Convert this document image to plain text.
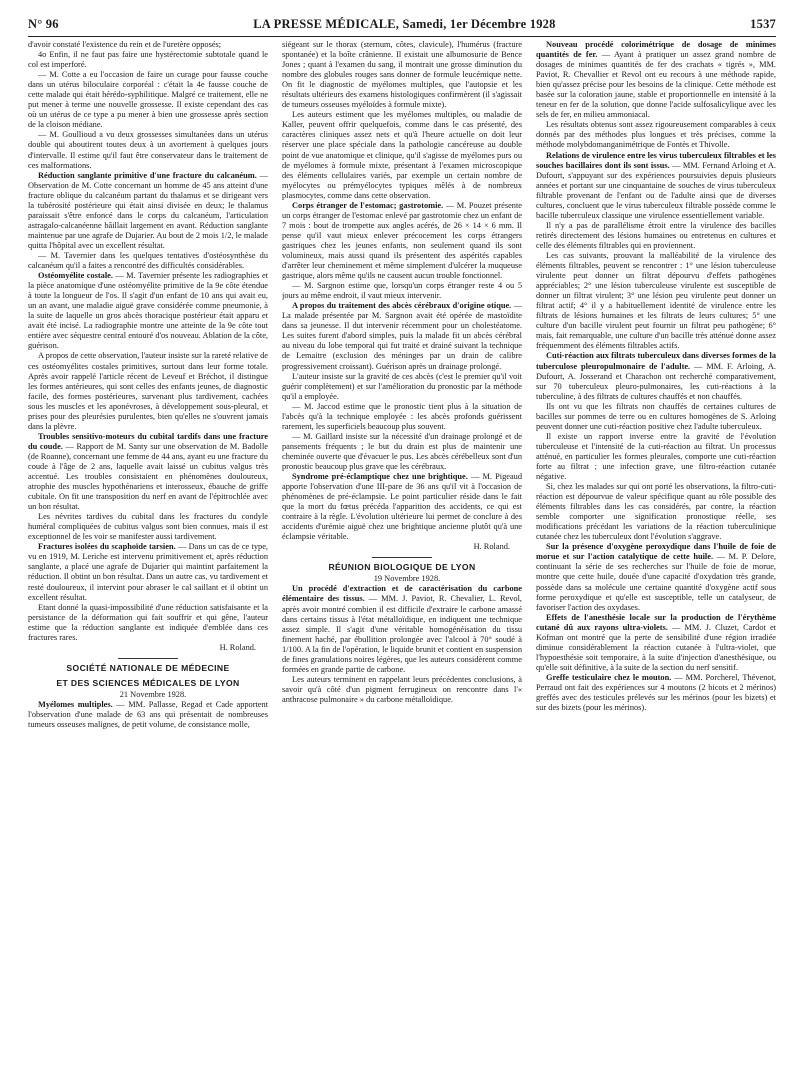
N° 96	LA PRESSE MÉDICALE, Samedi, 1er Décembre 1928	1537

d'avoir constaté l'existence du rein et de l'uretère opposés;

4o Enfin, il ne faut pas faire une hystérectomie subtotale quand le col est imperforé.

— M. Cotte a eu l'occasion de faire un curage pour fausse couche dans un utérus biloculaire corporéal : c'était la 4e fausse couche de cette malade qui était hérédo-syphilitique. Malgré ce traitement, elle ne put mener à terme une nouvelle grossesse. Il existe cependant des cas où un utérus de ce type a pu mener à bien une grossesse après section de la cloison médiane.

— M. Goullioud a vu deux grossesses simultanées dans un utérus double qui aboutirent toutes deux à un avortement à quelques jours d'intervalle. Il estime qu'il faut être conservateur dans le traitement de ces malformations.

Réduction sanglante primitive d'une fracture du calcanéum. — Observation de M. Cotte concernant un homme de 45 ans atteint d'une fracture oblique du calcanéum partant du thalamus et se dirigeant vers la tubérosité postérieure qui était ainsi divisée en deux; le thalamus paraissait s'être enfoncé dans le corps du calcanéum, l'articulation astragalo-calcanéenne bâillait largement en avant. Réduction sanglante maintenue par une agrafe de Dujarier. Au bout de 2 mois 1/2, le malade quitta l'hôpital avec un excellent résultat.

— M. Tavernier dans les quelques tentatives d'ostéosynthèse du calcanéum qu'il a faites a rencontré des difficultés considérables.

Ostéomyélite costale. — M. Tavernier présente les radiographies et la pièce anatomique d'une ostéomyélite primitive de la 9e côte étendue à toute la longueur de l'os. Il s'agit d'un enfant de 10 ans qui avait eu, un an avant, une maladie aiguë grave considérée comme pneumonie, à la suite de laquelle un gros abcès thoracique postérieur était apparu et avait été incisé. La radiographie montre une atteinte de la 9e côte tout entière avec séquestre central entouré d'os nouveau. Ablation de la côte, guérison.

A propos de cette observation, l'auteur insiste sur la rareté relative de ces ostéomyélites costales primitives, surtout dans leur forme totale. Après avoir rappelé l'article récent de Leveuf et Bréchot, il distingue les formes antérieures, qui sont celles des enfants jeunes, de diagnostic facile, des formes postérieures, survenant plus tardivement, cachées sous les muscles et les aponévroses, à développement sous-pleural, et prises pour des pleurésies purulentes, bien qu'elles ne s'ouvrent jamais dans la plèvre.

Troubles sensitivo-moteurs du cubital tardifs dans une fracture du coude. — Rapport de M. Santy sur une observation de M. Badolle (de Roanne), concernant une femme de 44 ans, ayant eu une fracture du coude à l'âge de 2 ans, laquelle avait laissé un cubitus valgus très accentué. Les troubles consistaient en phénomènes douloureux, atrophie des muscles hypothénariens et interosseux, ébauche de griffe cubitale. On fit une transposition du nerf en avant de l'épitrochlée avec un bon résultat.

Les névrites tardives du cubital dans les fractures du condyle huméral compliquées de cubitus valgus sont bien connues, mais il est exceptionnel de les voir se manifester aussi tardivement.

Fractures isolées du scaphoïde tarsien. — Dans un cas de ce type, vu en 1919, M. Leriche est intervenu primitivement et, après réduction sanglante, a placé une agrafe de Dujarier qui maintint parfaitement la réduction. Il obtint un bon résultat. Dans un autre cas, vu tardivement et resté douloureux, il intervint pour abraser le cal saillant et il obtint un excellent résultat.

Etant donné la quasi-impossibilité d'une réduction satisfaisante et la persistance de la déformation qui fait souffrir et qui gêne, l'auteur estime que la réduction sanglante est indiquée d'emblée dans ces fractures rares.

H. Roland.

SOCIÉTÉ NATIONALE DE MÉDECINE
ET DES SCIENCES MÉDICALES DE LYON

21 Novembre 1928.

Myélomes multiples. — MM. Pallasse, Regad et Cade apportent l'observation d'une malade de 63 ans qui présentait de nombreuses tumeurs osseuses malignes, de petit volume, de consistance molle,

siégeant sur le thorax (sternum, côtes, clavicule), l'humérus (fracture spontanée) et la boîte crânienne. Il existait une albumosurie de Bence Jones ; quant à l'examen du sang, il montrait une grosse diminution du nombre des globules rouges sans donner de formule leucémique nette. On fit le diagnostic de myélomes multiples, que l'autopsie et les résultats ultérieurs des examens histologiques confirmèrent (il s'agissait de tumeurs osseuses myéloïdes à formule mixte).

Les auteurs estiment que les myélomes multiples, ou maladie de Kaller, peuvent offrir quelquefois, comme dans le cas présenté, des caractères cliniques assez nets et qu'à l'heure actuelle on doit leur réserver une place spéciale dans la pathologie cancéreuse au double point de vue anatomique et clinique, qu'il s'agisse de myélomes purs ou de myélomes à formule mixte, présentant à l'examen microscopique des éléments cellulaires variés, par exemple un certain nombre de myélocytes ou prémyélocytes typiques mêlés à de nombreux plasmocytes, comme dans cette observation.

Corps étranger de l'estomac; gastrotomie. — M. Pouzet présente un corps étranger de l'estomac enlevé par gastrotomie chez un enfant de 7 mois : bout de trompette aux angles acérés, de 26 × 14 × 6 mm. Il pense qu'il vaut mieux enlever précocement les corps étrangers gastriques chez les jeunes enfants, non seulement quand ils sont volumineux, mais aussi quand ils présentent des aspérités capables d'arrêter leur cheminement et même simplement d'ulcérer la muqueuse gastrique, alors même qu'ils ne causent aucun trouble fonctionnel.

— M. Sargnon estime que, lorsqu'un corps étranger reste 4 ou 5 jours au même endroit, il vaut mieux intervenir.

A propos du traitement des abcès cérébraux d'origine otique. — La malade présentée par M. Sargnon avait été opérée de mastoïdite dans sa jeunesse. Il dut intervenir récemment pour un cholestéatome. Les suites furent d'abord simples, puis la malade fit un abcès cérébral au niveau du lobe temporal qui fut traité et drainé suivant la technique de Lemaitre (exclusion des méninges par un drain de calibre progressivement croissant). Guérison après un drainage prolongé.

L'auteur insiste sur la gravité de ces abcès (c'est le premier qu'il voit guérir complètement) et sur l'amélioration du pronostic par la méthode qu'il a employée.

— M. Jaccod estime que le pronostic tient plus à la situation de l'abcès qu'à la technique employée : les abcès profonds guérissent rarement, les superficiels beaucoup plus souvent.

— M. Gaillard insiste sur la nécessité d'un drainage prolongé et de pansements fréquents ; le but du drain est plus de maintenir une cheminée ouverte que d'évacuer le pus. Les abcès cérébelleux sont d'un pronostic beaucoup plus grave que les cérébraux.

Syndrome pré-éclamptique chez une brightique. — M. Pigeaud apporte l'observation d'une III-pare de 36 ans qu'il vit à l'occasion de phénomènes de pré-éclampsie. Le point particulier réside dans le fait que la mort du fœtus précéda l'apparition des accidents, ce qui est contraire à la règle. L'évolution ultérieure lui permet de conclure à des accidents d'urémie aiguë chez une brightique ancienne plutôt qu'à une éclampsie véritable.

H. Roland.

RÉUNION BIOLOGIQUE DE LYON

19 Novembre 1928.

Un procédé d'extraction et de caractérisation du carbone élémentaire des tissus. — MM. J. Paviot, R. Chevalier, L. Revol, après avoir montré combien il est difficile d'extraire le carbone amassé dans certains tissus à l'état métalloïdique, en indiquent une technique assez simple. Il s'agit d'une véritable homogénéisation du tissu finement haché, par ébullition prolongée avec l'alcool à 70° soudé à 1/100. A la fin de l'opération, le liquide brunit et contient en suspension de fines granulations noires légères, que les auteurs considèrent comme formées en grande partie de carbone.

Les auteurs terminent en rappelant leurs précédentes conclusions, à savoir qu'à côté d'un pigment ferrugineux on rencontre dans l'« anthracose pulmonaire » du carbone métalloïdique.

Nouveau procédé colorimétrique de dosage de minimes quantités de fer. — Ayant à pratiquer un assez grand nombre de dosages de minimes quantités de fer des crachats « tigrés », MM. Paviot, R. Chevallier et Revol ont eu recours à une méthode rapide, bien qu'assez précise pour les besoins de la clinique. Cette méthode est basée sur la coloration jaune, stable et proportionnelle en intensité à la teneur en fer de la solution, que donne l'acide sulfosalicylique avec les sels de fer, en milieu ammoniacal.

Les résultats obtenus sont assez rigoureusement comparables à ceux donnés par des méthodes plus longues et très précises, comme la méthode molybdomanganimétrique de Fontès et Thivolle.

Relations de virulence entre les virus tuberculeux filtrables et les souches bacillaires dont ils sont issus. — MM. Fernand Arloing et A. Dufourt, s'appuyant sur des expériences poursuivies depuis plusieurs années et portant sur une cinquantaine de souches de virus tuberculeux filtrable provenant de l'enfant ou de l'adulte ainsi que de diverses cultures, concluent que le virus tuberculeux filtrable possède comme le bacille tuberculeux classique une virulence essentiellement variable.

Il n'y a pas de parallélisme étroit entre la virulence des bacilles retirés directement des lésions humaines ou entretenus en cultures et celle des éléments filtrables qui en proviennent.

Les cas suivants, prouvant la malléabilité de la virulence des éléments filtrables, peuvent se rencontrer : 1° une lésion tuberculeuse virulente peut donner un filtrat dépourvu d'effets pathogènes appréciables; 2° une lésion tuberculeuse virulente est susceptible de donner un filtrat virulent; 3° une lésion peu virulente peut donner un filtrat actif; 4° il y a habituellement identité de virulence entre les filtrats de lésions humaines et les filtrats de leurs cultures; 5° une culture d'un bacille virulent peut fournir un filtrat peu pathogène; 6° mais, fait remarquable, une culture d'un bacille très atténué donne assez fréquemment des éléments filtrables actifs.

Cuti-réaction aux filtrats tuberculeux dans diverses formes de la tuberculose pleuropulmonaire de l'adulte. — MM. F. Arloing, A. Dufourt, A. Josserand et Charachon ont recherché comparativement, sur 70 tuberculeux pleuro-pulmonaires, les cuti-réactions à la tuberculine, à des filtrats de cultures chauffés et non chauffés.

Ils ont vu que les filtrats non chauffés de certaines cultures de bacilles sur pommes de terre ou en cultures homogènes de S. Arloing peuvent donner une cuti-réaction positive chez l'adulte tuberculeux.

Il existe un rapport inverse entre la gravité de l'évolution tuberculeuse et l'intensité de la cuti-réaction au filtrat. Un processus atténué, en particulier les formes pleurales, comporte une cuti-réaction forte au filtrat ; une infection grave, une filtro-réaction cutanée négative.

Si, chez les malades sur qui ont porté les observations, la filtro-cuti-réaction est dépourvue de valeur spécifique quant au rôle possible des éléments filtrables dans les cas considérés, par contre, la réaction semble comporter une signification pronostique réelle, ses modifications précédant les variations de la réaction tuberculinique cutanée chez les tuberculeux dont l'évolution s'aggrave.

Sur la présence d'oxygène peroxydique dans l'huile de foie de morue et sur l'action catalytique de cette huile. — M. P. Delore, continuant la série de ses recherches sur l'huile de foie de morue, montre que cette huile, douée d'une capacité d'oxydation très grande, possède dans sa molécule une certaine quantité d'oxygène actif sous forme peroxydique et qu'elle est susceptible, telle un catalyseur, de favoriser l'action des oxydases.

Effets de l'anesthésie locale sur la production de l'érythème cutané dû aux rayons ultra-violets. — MM. J. Cluzet, Cardot et Kofman ont montré que la perte de sensibilité d'une région irradiée diminue considérablement la réaction cutanée à l'ultra-violet, que l'hypoesthésie soit temporaire, à la suite d'injection d'anesthésique, ou qu'elle soit définitive, à la suite de la section du nerf sensitif.

Greffe testiculaire chez le mouton. — MM. Porcherel, Thévenot, Perraud ont fait des expériences sur 4 moutons (2 bicots et 2 mérinos) greffés avec des testicules prélevés sur les mérinos (pour les bizets) et sur des bizets (pour les mérinos).
